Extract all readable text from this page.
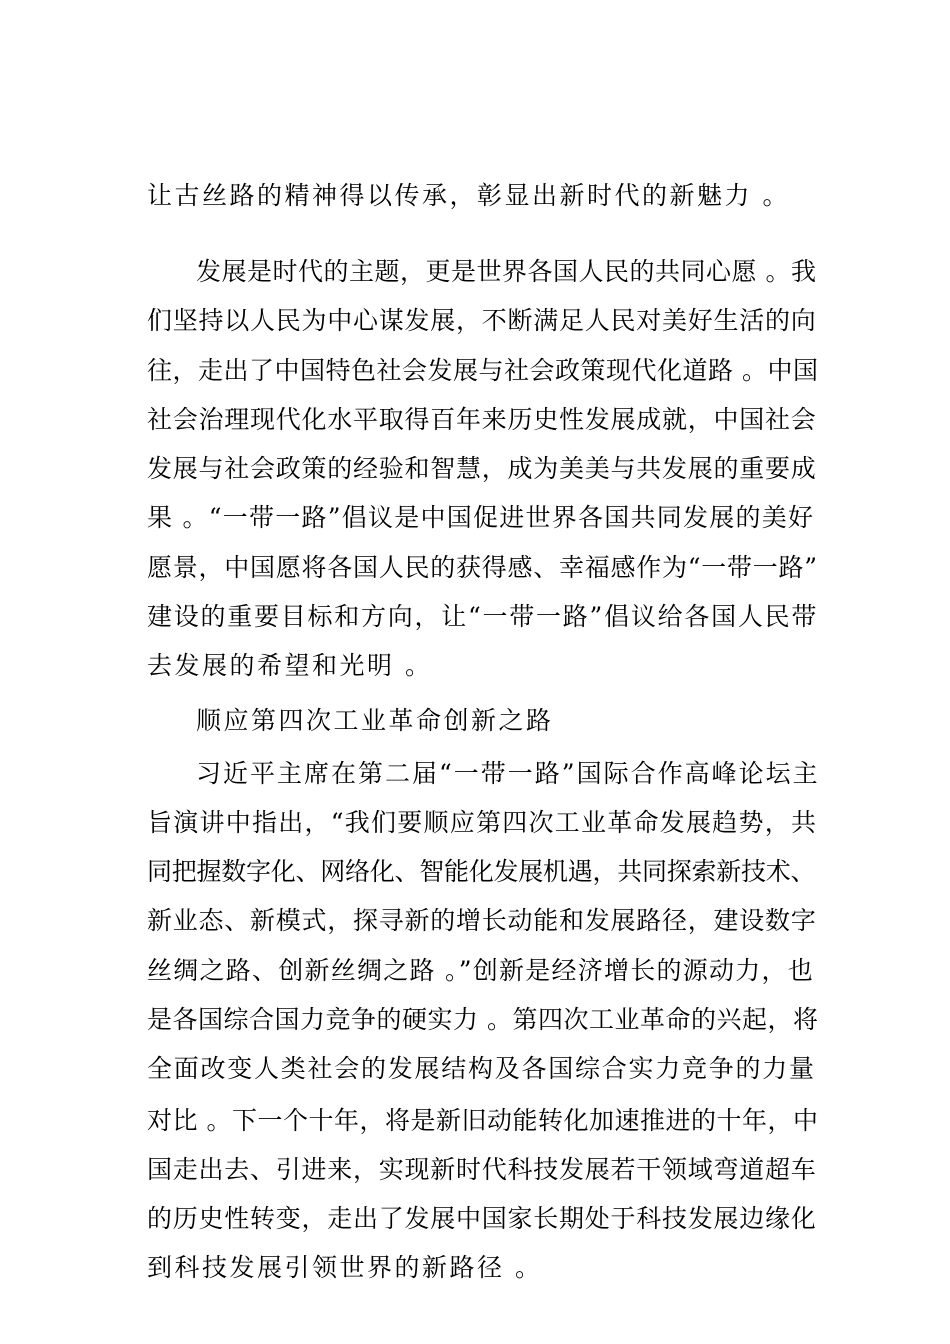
让古丝路的精神得以传承，彰显出新时代的新魅力 。
发展是时代的主题，更是世界各国人民的共同心愿 。我
们坚持以人民为中心谋发展，不断满足人民对美好生活的向
往，走出了中国特色社会发展与社会政策现代化道路 。中国
社会治理现代化水平取得百年来历史性发展成就，中国社会
发展与社会政策的经验和智慧，成为美美与共发展的重要成
果 。“一带一路”倡议是中国促进世界各国共同发展的美好
愿景，中国愿将各国人民的获得感、幸福感作为“一带一路”
建设的重要目标和方向，让“一带一路”倡议给各国人民带
去发展的希望和光明 。
顺应第四次工业革命创新之路
习近平主席在第二届“一带一路”国际合作高峰论坛主
旨演讲中指出，“我们要顺应第四次工业革命发展趋势，共
同把握数字化、网络化、智能化发展机遇，共同探索新技术、
新业态、新模式，探寻新的增长动能和发展路径，建设数字
丝绸之路、创新丝绸之路 。”创新是经济增长的源动力，也
是各国综合国力竞争的硬实力 。第四次工业革命的兴起，将
全面改变人类社会的发展结构及各国综合实力竞争的力量
对比 。下一个十年，将是新旧动能转化加速推进的十年，中
国走出去、引进来，实现新时代科技发展若干领域弯道超车
的历史性转变，走出了发展中国家长期处于科技发展边缘化
到科技发展引领世界的新路径 。
